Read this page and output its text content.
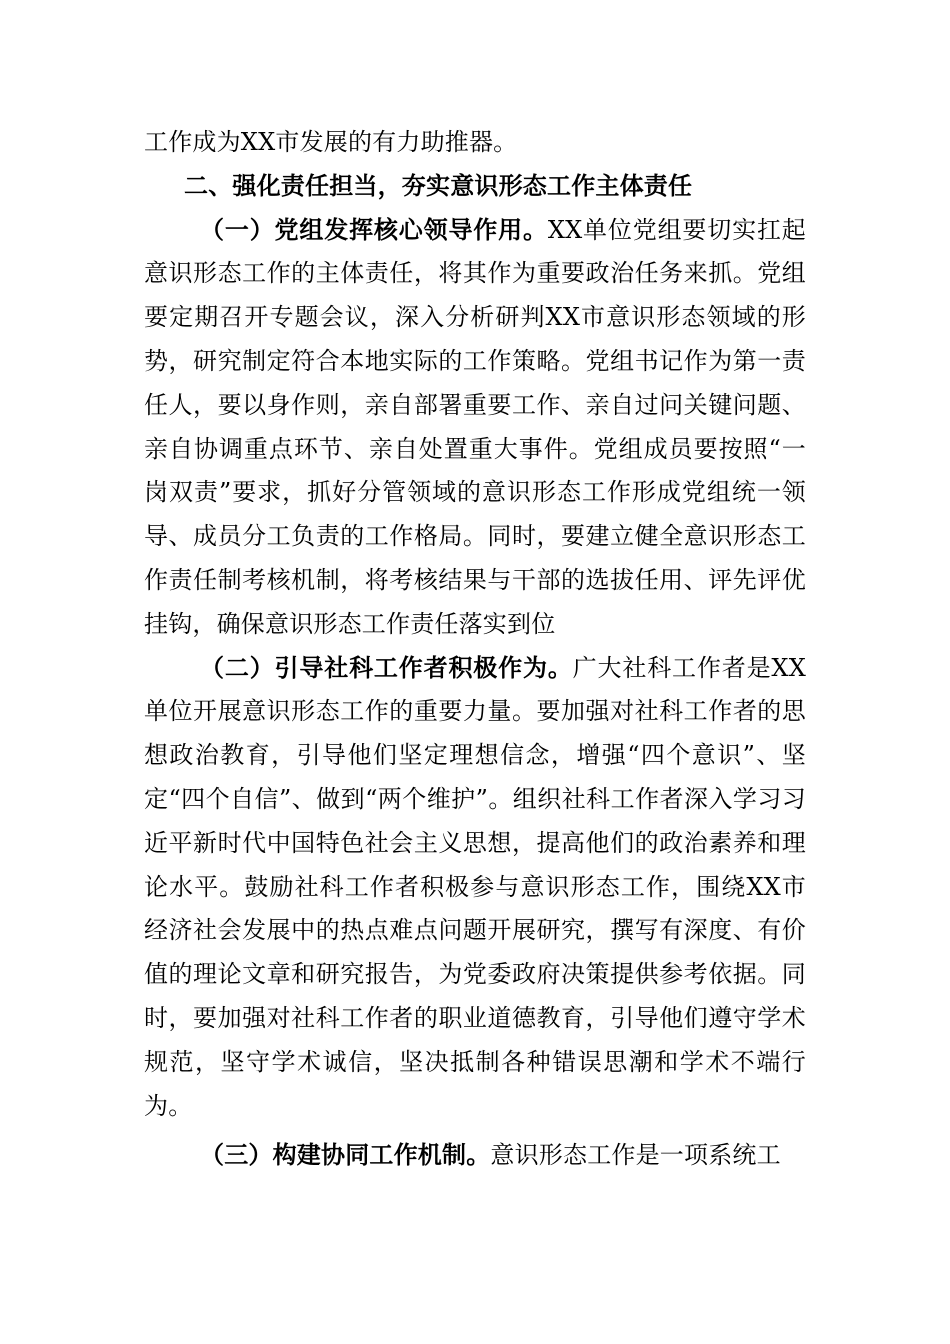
工作成为XX市发展的有力助推器。

二、强化责任担当，夯实意识形态工作主体责任

（一）党组发挥核心领导作用。XX单位党组要切实扛起意识形态工作的主体责任，将其作为重要政治任务来抓。党组要定期召开专题会议，深入分析研判XX市意识形态领域的形势，研究制定符合本地实际的工作策略。党组书记作为第一责任人，要以身作则，亲自部署重要工作、亲自过问关键问题、亲自协调重点环节、亲自处置重大事件。党组成员要按照“一岗双责”要求，抓好分管领域的意识形态工作形成党组统一领导、成员分工负责的工作格局。同时，要建立健全意识形态工作责任制考核机制，将考核结果与干部的选拔任用、评先评优挂钩，确保意识形态工作责任落实到位

（二）引导社科工作者积极作为。广大社科工作者是XX单位开展意识形态工作的重要力量。要加强对社科工作者的思想政治教育，引导他们坚定理想信念，增强“四个意识”、坚定“四个自信”、做到“两个维护”。组织社科工作者深入学习习近平新时代中国特色社会主义思想，提高他们的政治素养和理论水平。鼓励社科工作者积极参与意识形态工作，围绕XX市经济社会发展中的热点难点问题开展研究，撰写有深度、有价值的理论文章和研究报告，为党委政府决策提供参考依据。同时，要加强对社科工作者的职业道德教育，引导他们遵守学术规范，坚守学术诚信，坚决抵制各种错误思潮和学术不端行为。

（三）构建协同工作机制。意识形态工作是一项系统工
